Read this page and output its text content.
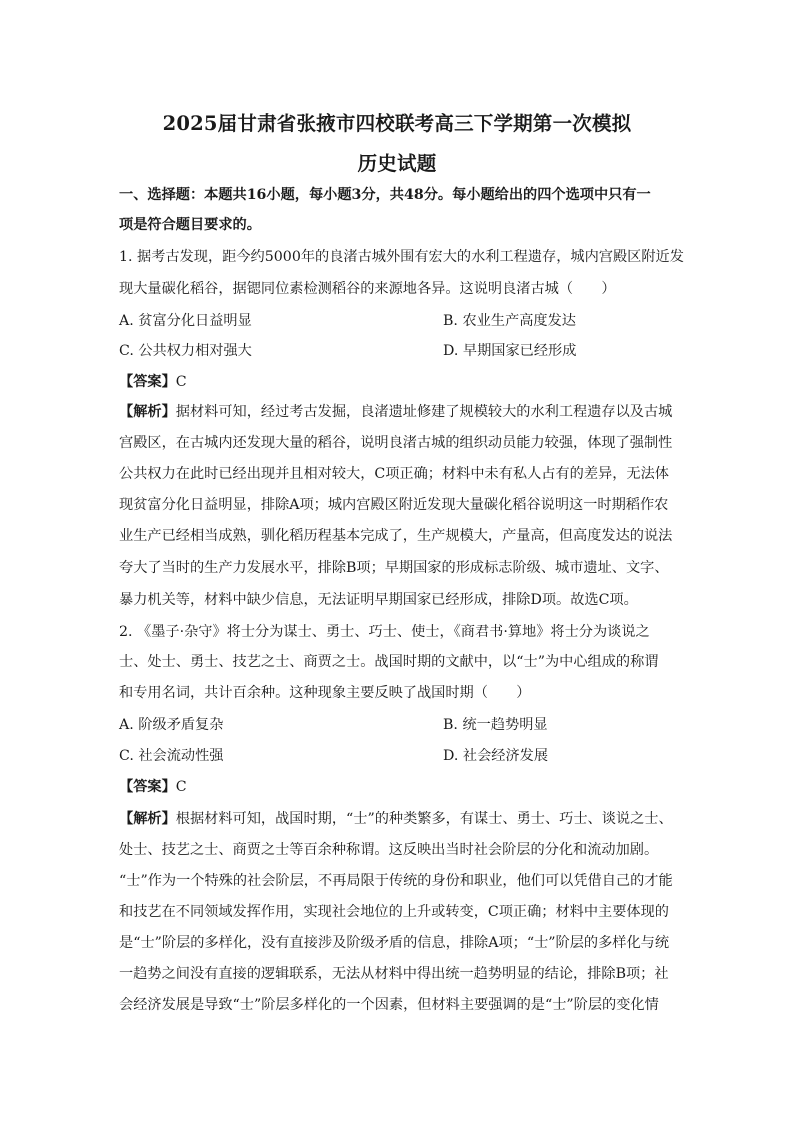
2025届甘肃省张掖市四校联考高三下学期第一次模拟
历史试题
一、选择题：本题共16小题，每小题3分，共48分。每小题给出的四个选项中只有一
项是符合题目要求的。
1. 据考古发现，距今约5000年的良渚古城外围有宏大的水利工程遗存，城内宫殿区附近发
现大量碳化稻谷，据锶同位素检测稻谷的来源地各异。这说明良渚古城（　　）
A. 贫富分化日益明显	B. 农业生产高度发达
C. 公共权力相对强大	D. 早期国家已经形成
【答案】C
【解析】据材料可知，经过考古发掘，良渚遗址修建了规模较大的水利工程遗存以及古城
宫殿区，在古城内还发现大量的稻谷，说明良渚古城的组织动员能力较强，体现了强制性
公共权力在此时已经出现并且相对较大，C项正确；材料中未有私人占有的差异，无法体
现贫富分化日益明显，排除A项；城内宫殿区附近发现大量碳化稻谷说明这一时期稻作农
业生产已经相当成熟，驯化稻历程基本完成了，生产规模大，产量高，但高度发达的说法
夸大了当时的生产力发展水平，排除B项；早期国家的形成标志阶级、城市遗址、文字、
暴力机关等，材料中缺少信息，无法证明早期国家已经形成，排除D项。故选C项。
2. 《墨子·杂守》将士分为谋士、勇士、巧士、使士，《商君书·算地》将士分为谈说之
士、处士、勇士、技艺之士、商贾之士。战国时期的文献中，以“士”为中心组成的称谓
和专用名词，共计百余种。这种现象主要反映了战国时期（　　）
A. 阶级矛盾复杂	B. 统一趋势明显
C. 社会流动性强	D. 社会经济发展
【答案】C
【解析】根据材料可知，战国时期，“士”的种类繁多，有谋士、勇士、巧士、谈说之士、
处士、技艺之士、商贾之士等百余种称谓。这反映出当时社会阶层的分化和流动加剧。
“士”作为一个特殊的社会阶层，不再局限于传统的身份和职业，他们可以凭借自己的才能
和技艺在不同领域发挥作用，实现社会地位的上升或转变，C项正确；材料中主要体现的
是“士”阶层的多样化，没有直接涉及阶级矛盾的信息，排除A项；“士”阶层的多样化与统
一趋势之间没有直接的逻辑联系，无法从材料中得出统一趋势明显的结论，排除B项；社
会经济发展是导致“士”阶层多样化的一个因素，但材料主要强调的是“士”阶层的变化情
